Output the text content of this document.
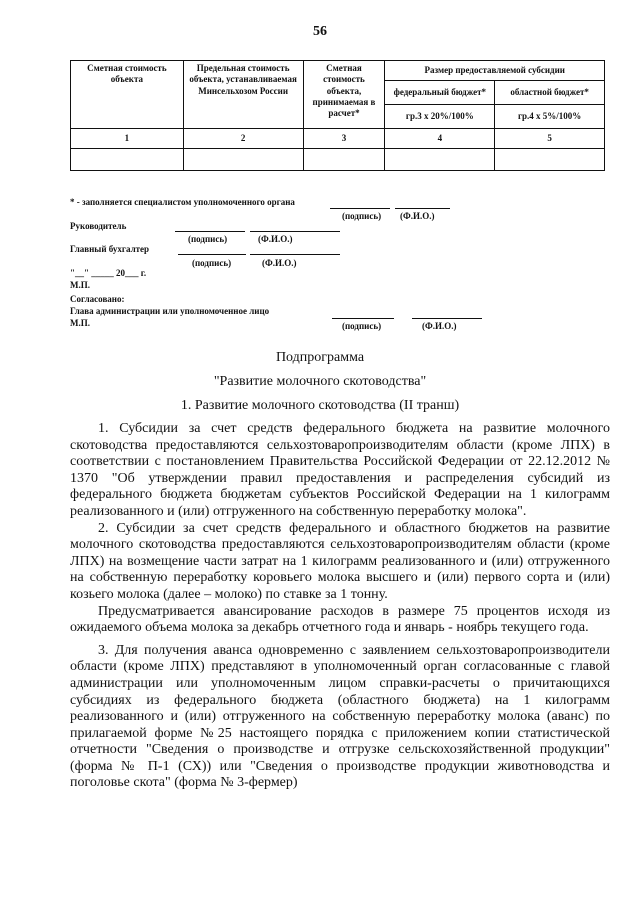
56
Сметная стоимость объекта	Предельная стоимость объекта, устанавливаемая Минсельхозом России	Сметная стоимость объекта, принимаемая в расчет*	Размер предоставляемой субсидии	
			федеральный бюджет*	областной бюджет*
			гр.3 х 20%/100%	гр.4 х 5%/100%
1	2	3	4	5

* - заполняется специалистом уполномоченного органа
(подпись) (Ф.И.О.)
Руководитель
(подпись)	(Ф.И.О.)
Главный бухгалтер
(подпись)	(Ф.И.О.)
"__" _____ 20___ г.
М.П.
Согласовано:
Глава администрации или уполномоченное лицо
М.П.	(подпись)	(Ф.И.О.)
Подпрограмма
"Развитие молочного скотоводства"
1. Развитие молочного скотоводства (II транш)

1. Субсидии за счет средств федерального бюджета на развитие молочного скотоводства предоставляются сельхозтоваропроизводителям области (кроме ЛПХ) в соответствии с постановлением Правительства Российской Федерации от 22.12.2012 № 1370 "Об утверждении правил предоставления и распределения субсидий из федерального бюджета бюджетам субъектов Российской Федерации на 1 килограмм реализованного и (или) отгруженного на собственную переработку молока".

2. Субсидии за счет средств федерального и областного бюджетов на развитие молочного скотоводства предоставляются сельхозтоваропроизводителям области (кроме ЛПХ) на возмещение части затрат на 1 килограмм реализованного и (или) отгруженного на собственную переработку коровьего молока высшего и (или) первого сорта и (или) козьего молока (далее – молоко) по ставке за 1 тонну.

Предусматривается авансирование расходов в размере 75 процентов исходя из ожидаемого объема молока за декабрь отчетного года и январь - ноябрь текущего года.

3. Для получения аванса одновременно с заявлением сельхозтоваропроизводители области (кроме ЛПХ) представляют в уполномоченный орган согласованные с главой администрации или уполномоченным лицом справки-расчеты о причитающихся субсидиях из федерального бюджета (областного бюджета) на 1 килограмм реализованного и (или) отгруженного на собственную переработку молока (аванс) по прилагаемой форме №25 настоящего порядка с приложением копии статистической отчетности "Сведения о производстве и отгрузке сельскохозяйственной продукции" (форма № П-1 (СХ)) или "Сведения о производстве продукции животноводства и поголовье скота" (форма № 3-фермер)
